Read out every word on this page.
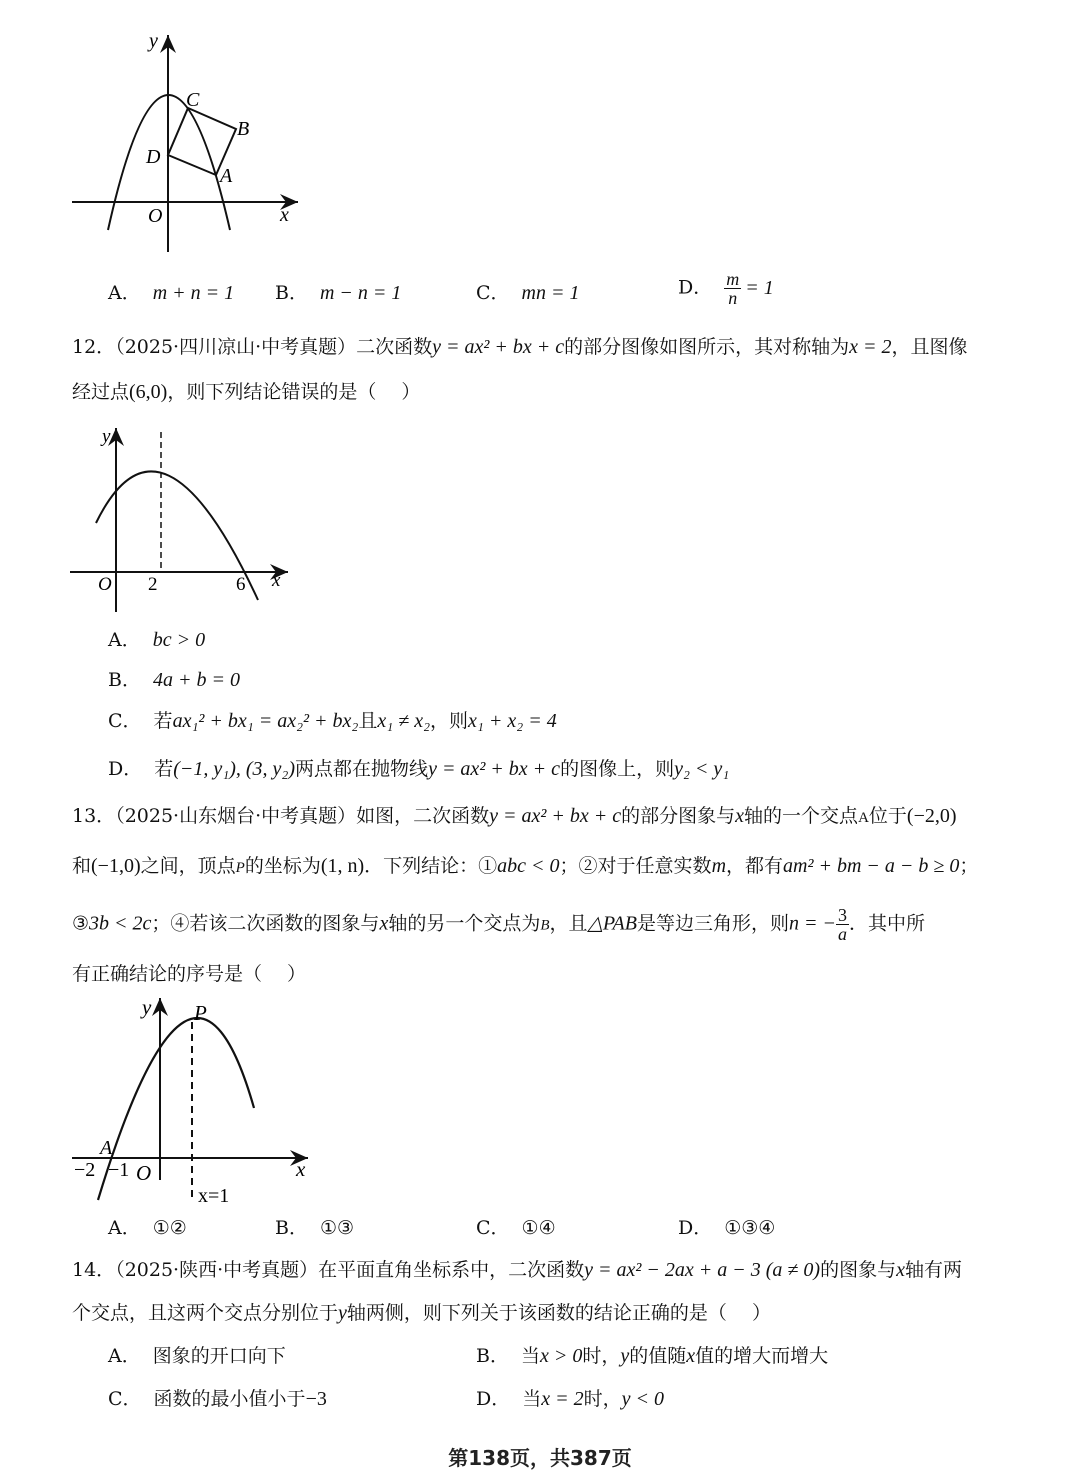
y
x
O
C
B
D
A
A． m + n = 1 B． m − n = 1	C． mn = 1	D． $\frac{m}{n} = 1$
12．（2025·四川凉山·中考真题）二次函数y = ax² + bx + c的部分图像如图所示，其对称轴为x = 2，且图像
经过点(6,0)，则下列结论错误的是（　 ）
y
x
O 2	6
A． bc > 0
B． 4a + b = 0
C． 若ax₁² + bx₁ = ax₂² + bx₂且x₁ ≠ x₂，则x₁ + x₂ = 4
D． 若(−1, y₁), (3, y₂)两点都在抛物线y = ax² + bx + c的图像上，则y₂ < y₁
13．（2025·山东烟台·中考真题）如图，二次函数y = ax² + bx + c的部分图象与x轴的一个交点A位于(−2,0)
和(−1,0)之间，顶点P的坐标为(1, n)．下列结论：①abc < 0；②对于任意实数m，都有am² + bm − a − b ≥ 0；
③3b < 2c；④若该二次函数的图象与x轴的另一个交点为B，且△PAB是等边三角形，则n = − $\frac{3}{a}$ ．其中所
有正确结论的序号是（　 ）
y P
x
A
O
−2 −1
x=1
A． ①②	B． ①③	C． ①④	D． ①③④
14．（2025·陕西·中考真题）在平面直角坐标系中，二次函数y = ax² − 2ax + a − 3 (a ≠ 0)的图象与x轴有两
个交点，且这两个交点分别位于y轴两侧，则下列关于该函数的结论正确的是（　 ）
A． 图象的开口向下	B． 当x > 0时，y的值随x值的增大而增大
C． 函数的最小值小于−3	D． 当x = 2时，y < 0
第138页，共387页
